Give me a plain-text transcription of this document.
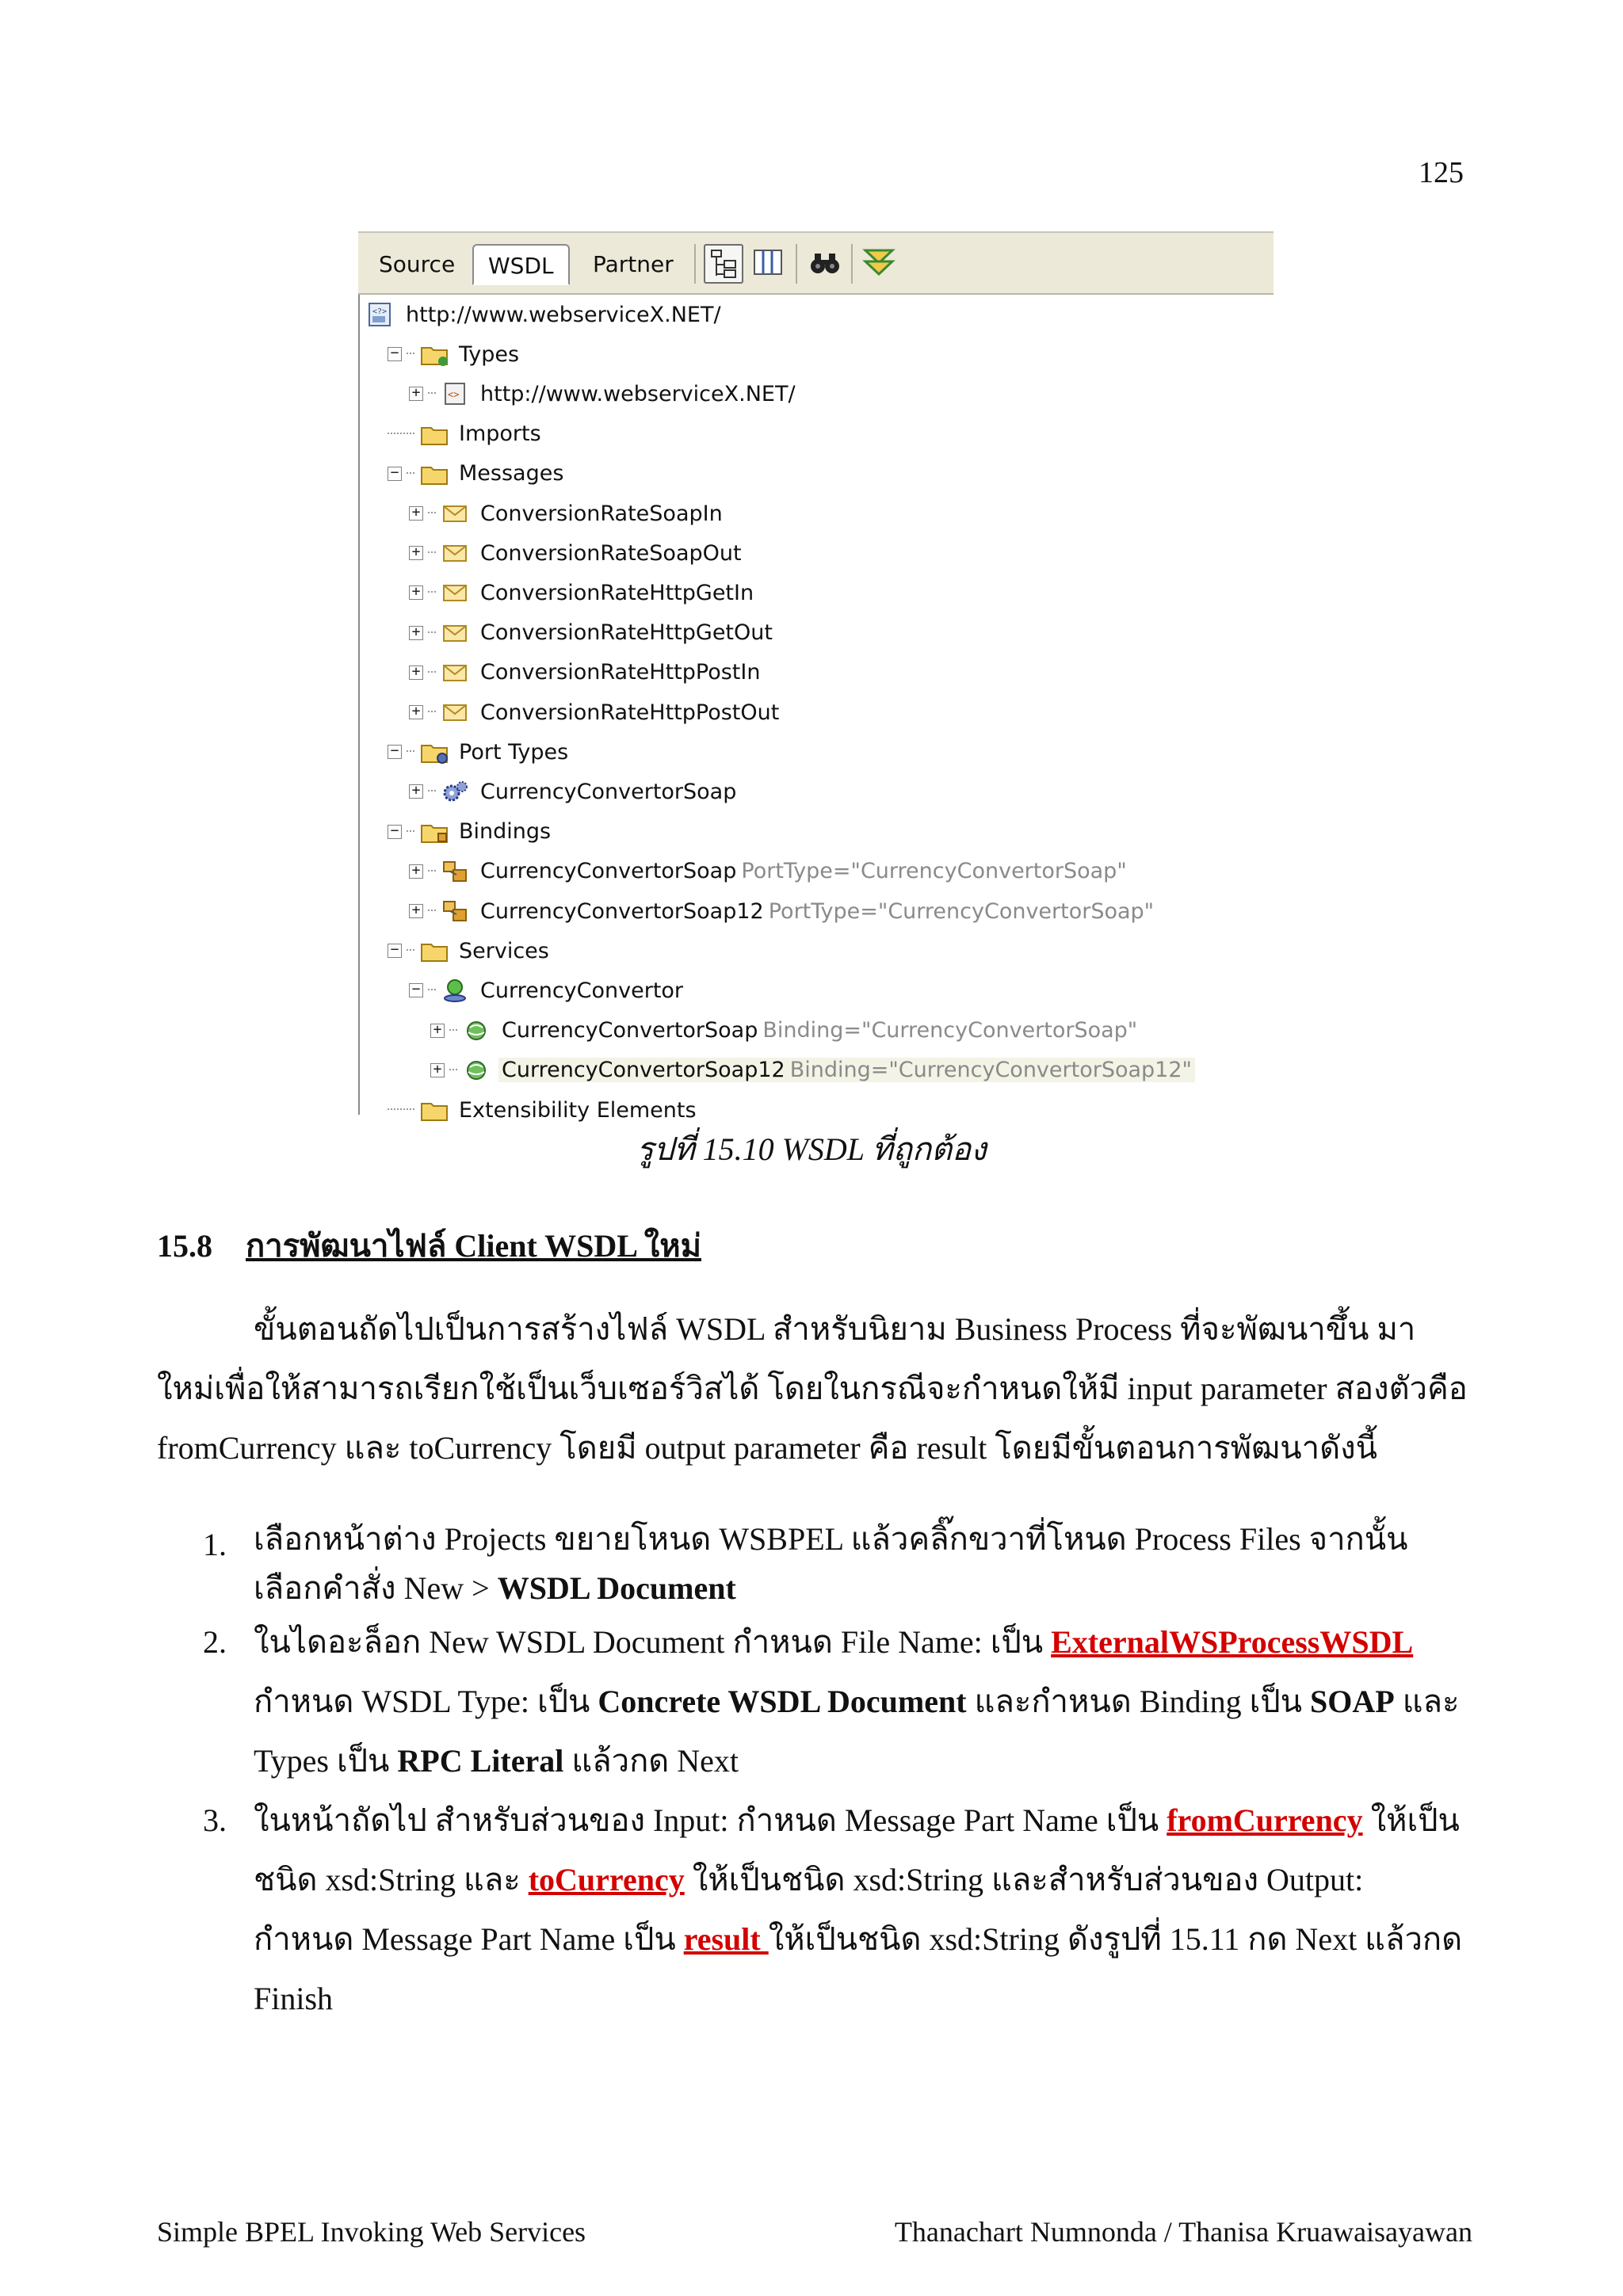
125
Source	WSDL	Partner
<?> http://www.webserviceX.NET/
−	Types
+	<> http://www.webserviceX.NET/
Imports
−	Messages
+	ConversionRateSoapIn
+	ConversionRateSoapOut
+	ConversionRateHttpGetIn
+	ConversionRateHttpGetOut
+	ConversionRateHttpPostIn
+	ConversionRateHttpPostOut
−	Port Types
+	CurrencyConvertorSoap
−	Bindings
+	CurrencyConvertorSoap PortType="CurrencyConvertorSoap"
+	CurrencyConvertorSoap12 PortType="CurrencyConvertorSoap"
−	Services
−	CurrencyConvertor
+	CurrencyConvertorSoap Binding="CurrencyConvertorSoap"
+	CurrencyConvertorSoap12 Binding="CurrencyConvertorSoap12"
Extensibility Elements
รูปที่ 15.10 WSDL ที่ถูกต้อง
15.8 การพัฒนาไฟล์ Client WSDL ใหม่
ขั้นตอนถัดไปเป็นการสร้างไฟล์ WSDL สำหรับนิยาม Business Process ที่จะพัฒนาขึ้น มาใหม่เพื่อให้สามารถเรียกใช้เป็นเว็บเซอร์วิสได้ โดยในกรณีจะกำหนดให้มี input parameter สองตัวคือ fromCurrency และ toCurrency โดยมี output parameter คือ result โดยมีขั้นตอนการพัฒนาดังนี้
1. เลือกหน้าต่าง Projects ขยายโหนด WSBPEL แล้วคลิ๊กขวาที่โหนด Process Files จากนั้นเลือกคำสั่ง New > WSDL Document
2. ในไดอะล็อก New WSDL Document กำหนด File Name: เป็น ExternalWSProcessWSDL กำหนด WSDL Type: เป็น Concrete WSDL Document และกำหนด Binding เป็น SOAP และ Types เป็น RPC Literal แล้วกด Next
3. ในหน้าถัดไป สำหรับส่วนของ Input: กำหนด Message Part Name เป็น fromCurrency ให้เป็นชนิด xsd:String และ toCurrency ให้เป็นชนิด xsd:String และสำหรับส่วนของ Output: กำหนด Message Part Name เป็น result ให้เป็นชนิด xsd:String ดังรูปที่ 15.11 กด Next แล้วกด Finish
Simple BPEL Invoking Web Services	Thanachart Numnonda / Thanisa Kruawaisayawan
